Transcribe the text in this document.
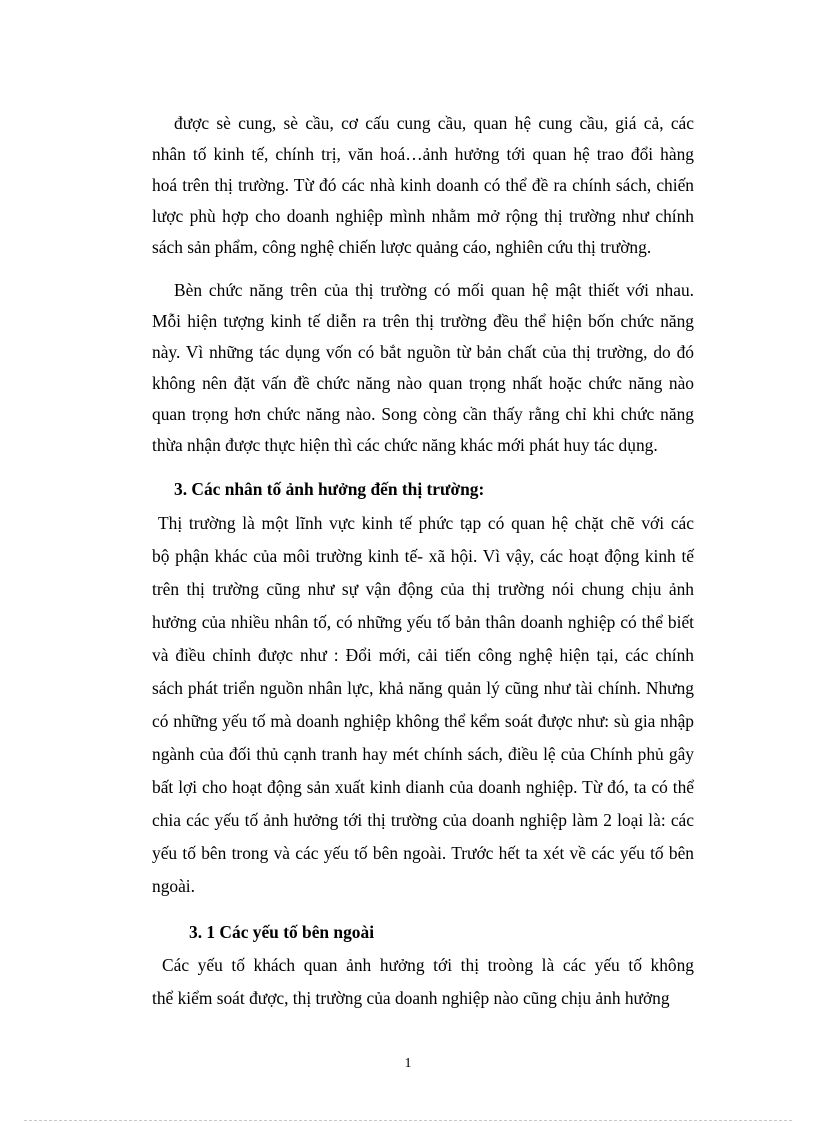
được sè cung, sè cầu, cơ cấu cung cầu, quan hệ cung cầu, giá cả, các
nhân tố kinh tế, chính trị, văn hoá…ảnh hưởng tới quan hệ trao đổi hàng
hoá trên thị trường. Từ đó các nhà kinh doanh có thể đề ra chính sách, chiến
lược phù hợp cho doanh nghiệp mình nhằm mở rộng thị trường như chính
sách sản phẩm, công nghệ chiến lược quảng cáo, nghiên cứu thị trường.
Bèn chức năng trên của thị trường có mối quan hệ mật thiết với nhau.
Mỗi hiện tượng kinh tế diễn ra trên thị trường đều thể hiện bốn chức năng
này. Vì những tác dụng vốn có bắt nguồn từ bản chất của thị trường, do đó
không nên đặt vấn đề chức năng nào quan trọng nhất hoặc chức năng nào
quan trọng hơn chức năng nào. Song còng cần thấy rằng chỉ khi chức năng
thừa nhận được thực hiện thì các chức năng khác mới phát huy tác dụng.
3. Các nhân tố ảnh hưởng đến thị trường:
Thị trường là một lĩnh vực kinh tế phức tạp có quan hệ chặt chẽ với các
bộ phận khác của môi trường kinh tế- xã hội. Vì vậy, các hoạt động kinh tế
trên thị trường cũng như sự vận động của thị trường nói chung chịu ảnh
hưởng của nhiều nhân tố, có những yếu tố bản thân doanh nghiệp có thể biết
và điều chỉnh được như : Đổi mới, cải tiến công nghệ hiện tại, các chính
sách phát triển nguồn nhân lực, khả năng quản lý cũng như tài chính. Nhưng
có những yếu tố mà doanh nghiệp không thể kểm soát được như: sù gia nhập
ngành của đối thủ cạnh tranh hay mét chính sách, điều lệ của Chính phủ gây
bất lợi cho hoạt động sản xuất kinh dianh của doanh nghiệp. Từ đó, ta có thể
chia các yếu tố ảnh hưởng tới thị trường của doanh nghiệp làm 2 loại là: các
yếu tố bên trong và các yếu tố bên ngoài. Trước hết ta xét về các yếu tố bên
ngoài.
3. 1 Các yếu tố bên ngoài
Các yếu tố khách quan ảnh hưởng tới thị troòng là các yếu tố không
thể kiểm soát được, thị trường của doanh nghiệp nào cũng chịu ảnh hưởng
1
